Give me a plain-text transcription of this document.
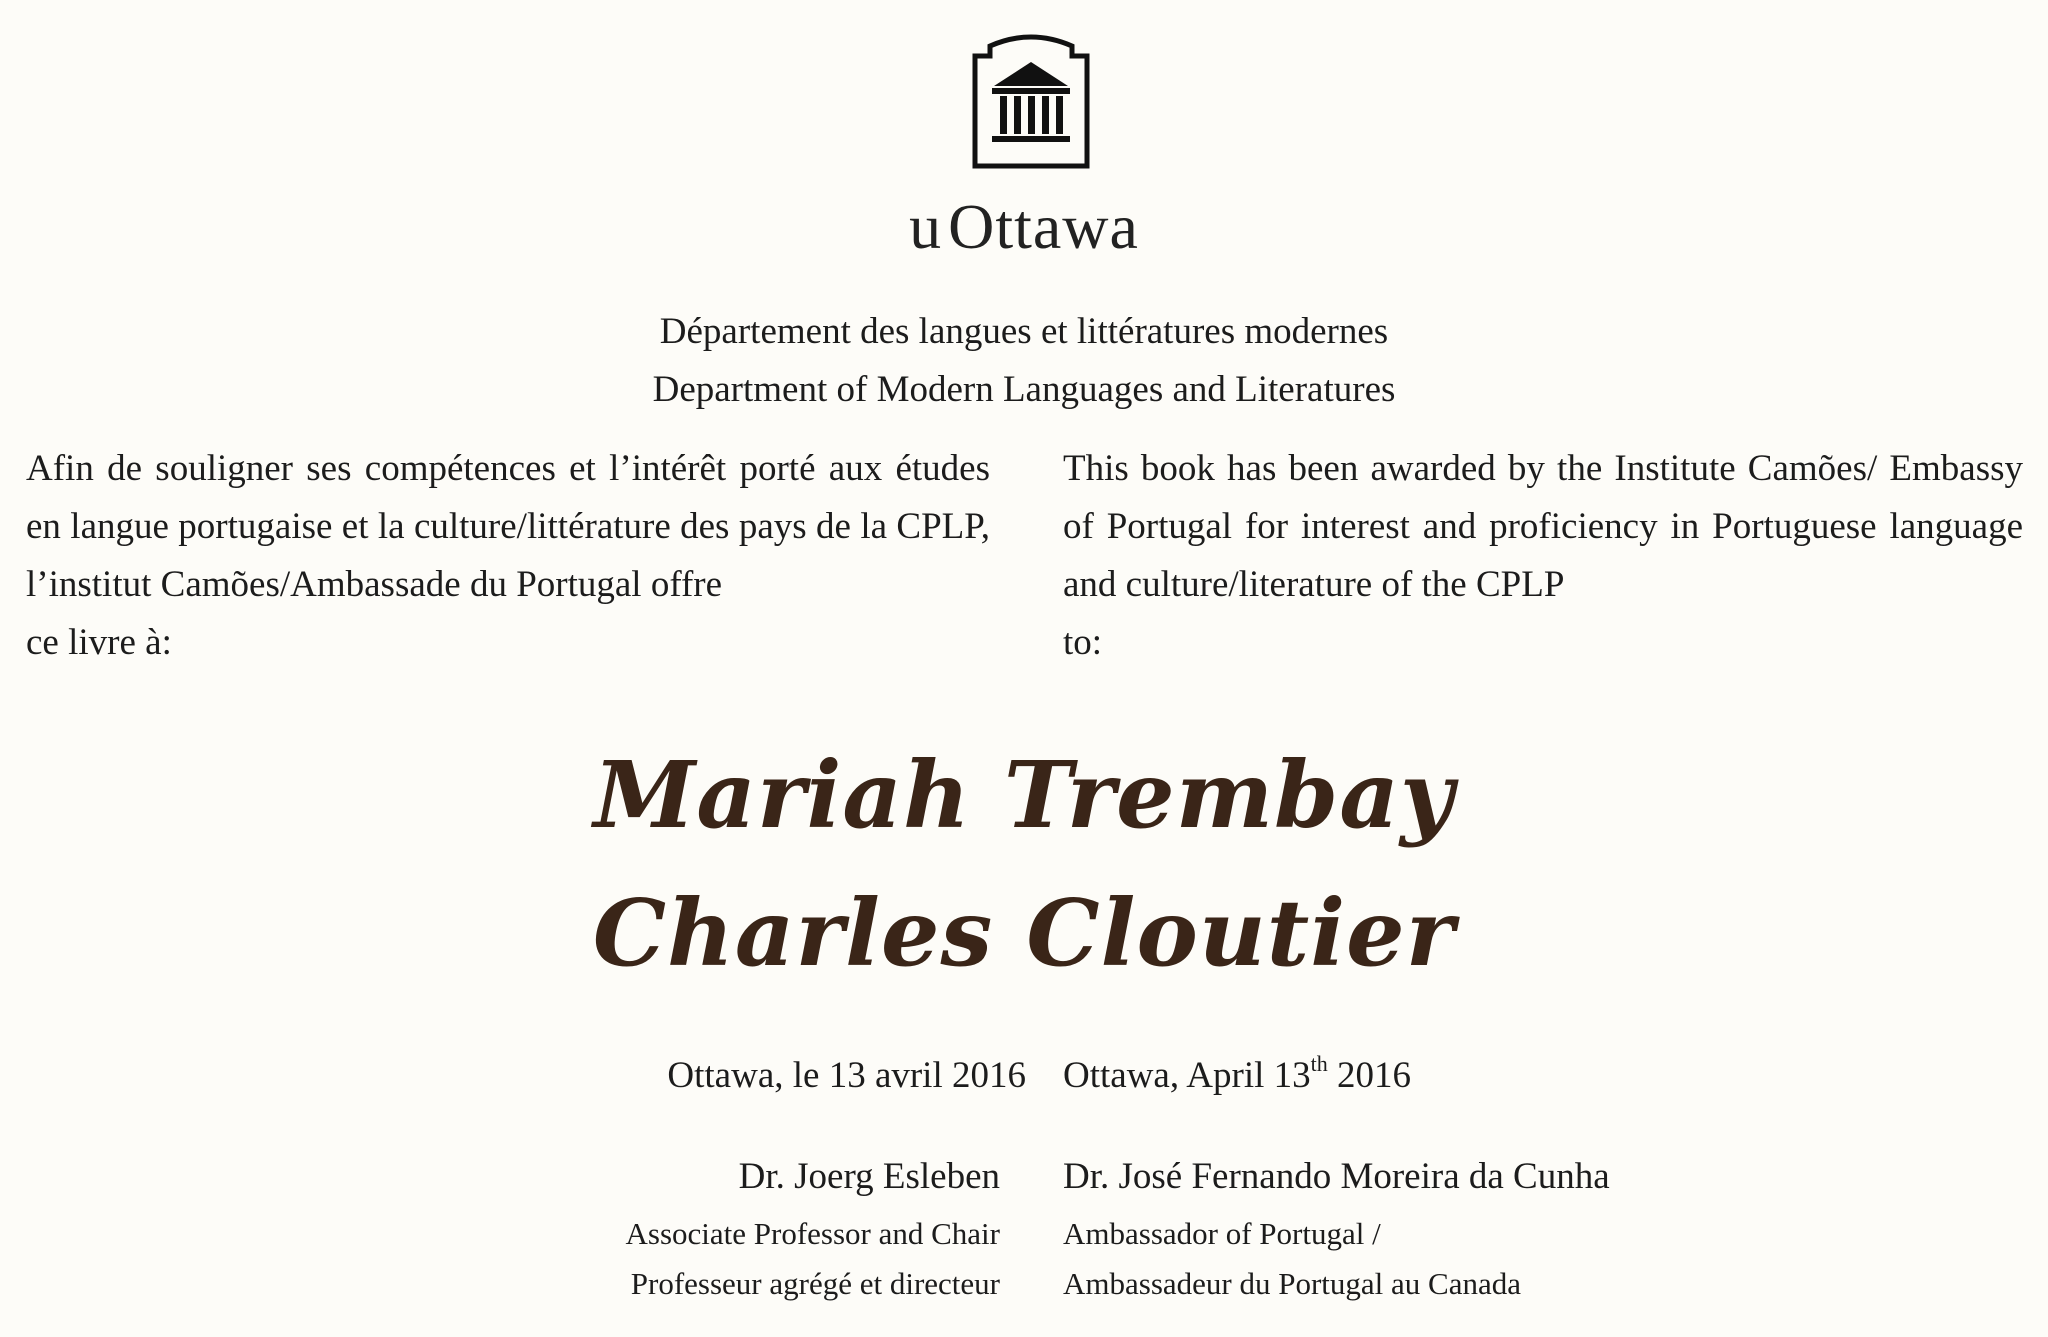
uOttawa
Département des langues et littératures modernes
Department of Modern Languages and Literatures
Afin de souligner ses compétences et l’intérêt porté aux études en langue portugaise et la culture/littérature des pays de la CPLP, l’institut Camões/Ambassade du Portugal offre
ce livre à:
This book has been awarded by the Institute Camões/ Embassy of Portugal for interest and proficiency in Portuguese language and culture/literature of the CPLP
to:
Mariah Trembay
Charles Cloutier
Ottawa, le 13 avril 2016 Ottawa, April 13th 2016
Dr. Joerg Esleben
Associate Professor and Chair
Professeur agrégé et directeur
Dr. José Fernando Moreira da Cunha
Ambassador of Portugal /
Ambassadeur du Portugal au Canada
